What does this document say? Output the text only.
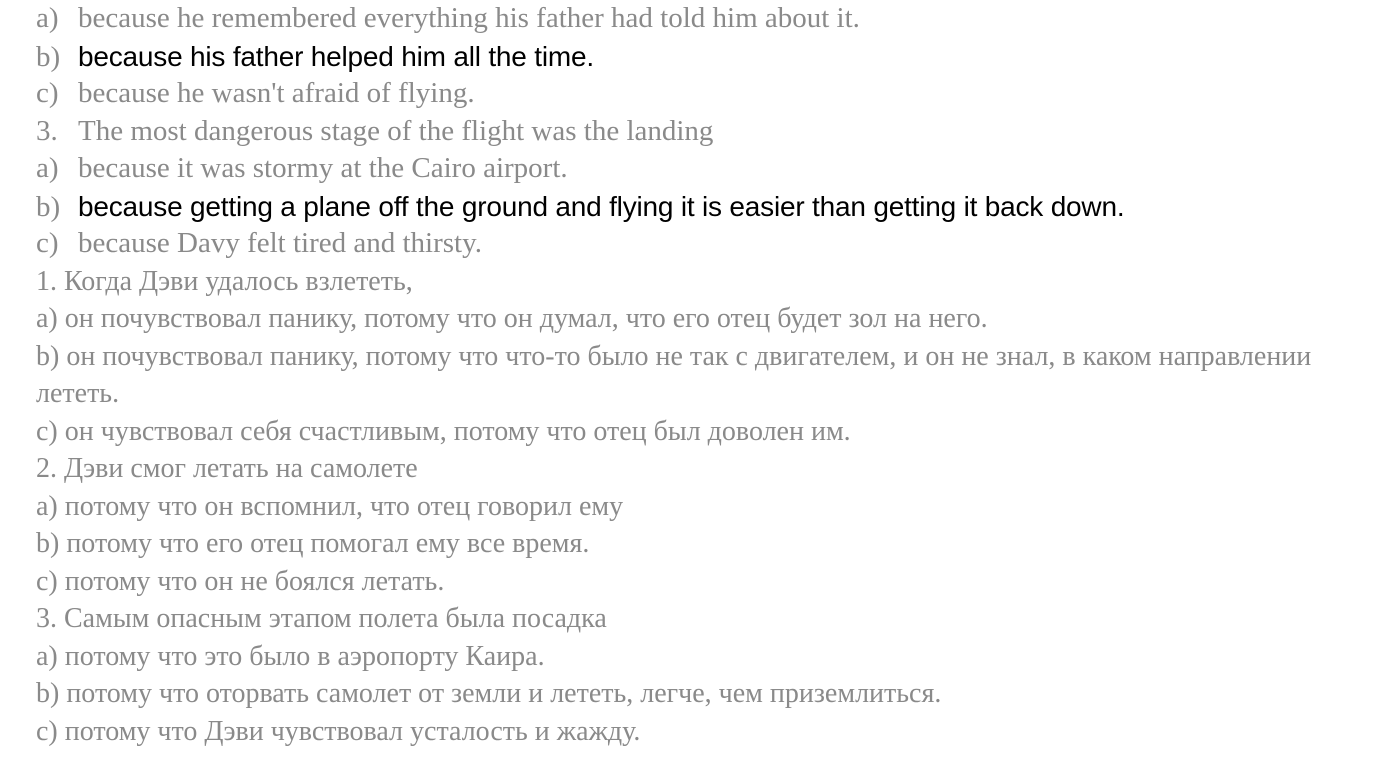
a) because he remembered everything his father had told him about it.
b) because his father helped him all the time.
c) because he wasn't afraid of flying.
3. The most dangerous stage of the flight was the landing
a) because it was stormy at the Cairo airport.
b) because getting a plane off the ground and flying it is easier than getting it back down.
c) because Davy felt tired and thirsty.
1. Когда Дэви удалось взлететь,
а) он почувствовал панику, потому что он думал, что его отец будет зол на него.
b) он почувствовал панику, потому что что-то было не так с двигателем, и он не знал, в каком направлении лететь.
с) он чувствовал себя счастливым, потому что отец был доволен им.
2. Дэви смог летать на самолете
а) потому что он вспомнил, что отец говорил ему
b) потому что его отец помогал ему все время.
с) потому что он не боялся летать.
3. Самым опасным этапом полета была посадка
а) потому что это было в аэропорту Каира.
b) потому что оторвать самолет от земли и лететь, легче, чем приземлиться.
с) потому что Дэви чувствовал усталость и жажду.
